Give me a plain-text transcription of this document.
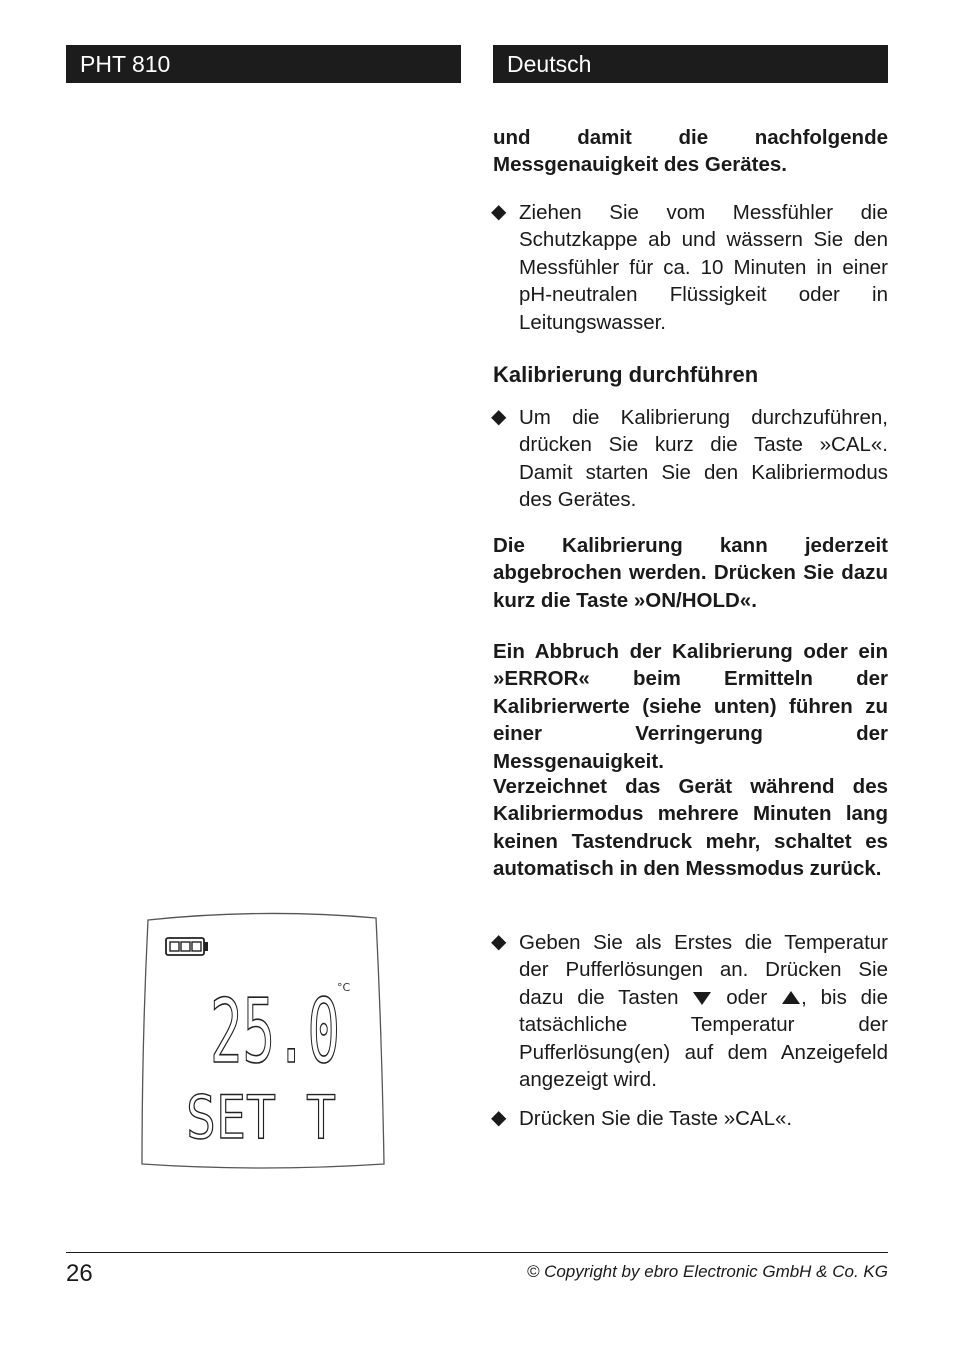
PHT 810	Deutsch

und damit die nachfolgende Messgenauigkeit des Gerätes.

◆ Ziehen Sie vom Messfühler die Schutzkappe ab und wässern Sie den Messfühler für ca. 10 Minuten in einer pH-neutralen Flüssigkeit oder in Leitungswasser.

Kalibrierung durchführen

◆ Um die Kalibrierung durchzuführen, drücken Sie kurz die Taste »CAL«. Damit starten Sie den Kalibriermodus des Gerätes.

Die Kalibrierung kann jederzeit abgebrochen werden. Drücken Sie dazu kurz die Taste »ON/HOLD«.

Ein Abbruch der Kalibrierung oder ein »ERROR« beim Ermitteln der Kalibrierwerte (siehe unten) führen zu einer Verringerung der Messgenauigkeit.

Verzeichnet das Gerät während des Kalibriermodus mehrere Minuten lang keinen Tastendruck mehr, schaltet es automatisch in den Messmodus zurück.

◆ Geben Sie als Erstes die Temperatur der Pufferlösungen an. Drücken Sie dazu die Tasten oder , bis die tatsächliche Temperatur der Pufferlösung(en) auf dem Anzeigefeld angezeigt wird.

◆ Drücken Sie die Taste »CAL«.

°C
25.0
SET T
26	© Copyright by ebro Electronic GmbH & Co. KG
